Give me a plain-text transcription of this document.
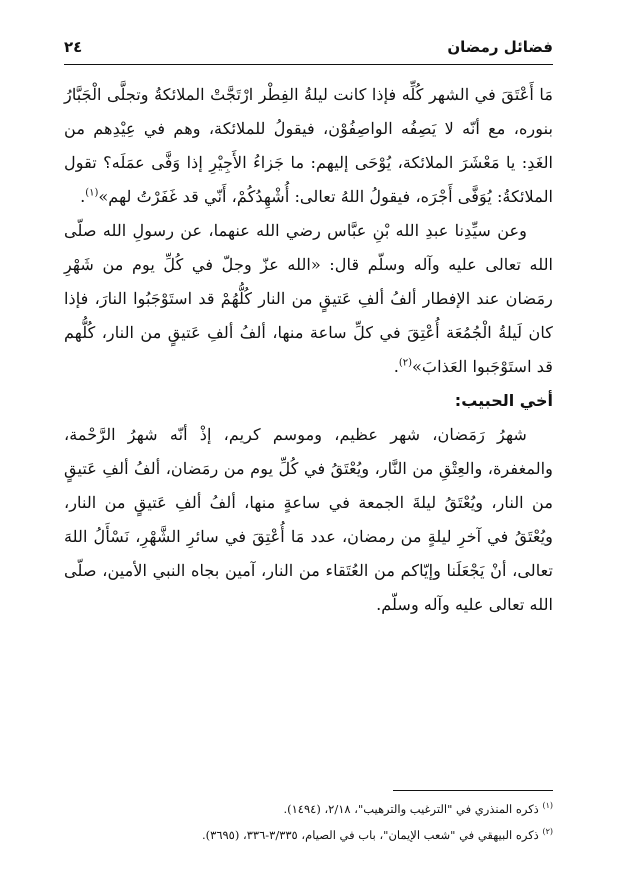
فضائل رمضان
٢٤

مَا أَعْتَقَ في الشهر كُلِّه فإذا كانت ليلةُ الفِطْر ارْتَجَّتْ الملائكةُ وتجلَّى الْجَبَّارُ بنوره، مع أنّه لا يَصِفُه الواصِفُوْن، فيقولُ للملائكة، وهم في عِيْدِهم من الغَدِ: يا مَعْشَرَ الملائكة، يُوْحَى إليهم: ما جَزاءُ الأَجِيْرِ إذا وَفَّى عمَلَه؟ تقول الملائكةُ: يُوَفَّى أَجْرَه، فيقولُ اللهُ تعالى: أُشْهِدُكُمْ، أَنّي قد غَفَرْتُ لهم»$^{(١)}$.

وعن سيِّدِنا عبدِ الله بْنِ عبَّاس رضي الله عنهما، عن رسولِ الله صلّى الله تعالى عليه وآله وسلّم قال: «الله عزّ وجلّ في كُلِّ يوم من شَهْرِ رمَضان عند الإفطار ألفُ ألفِ عَتيقٍ من النار كُلُّهُمْ قد استَوْجَبُوا النارَ، فإذا كان لَيلةُ الْجُمُعَة أُعْتِقَ في كلِّ ساعة منها، ألفُ ألفِ عَتيقٍ من النار، كُلُّهم قد استَوْجَبوا العَذابَ»$^{(٢)}$.

أخي الحبيب:

شهرُ رَمَضان، شهر عظيم، وموسم كريم، إذْ أنّه شهرُ الرَّحْمة، والمغفرة، والعِتْقِ من النَّار، ويُعْتَقُ في كُلِّ يوم من رمَضان، ألفُ ألفِ عَتيقٍ من النار، ويُعْتَقُ ليلةَ الجمعة في ساعةٍ منها، ألفُ ألفِ عَتيقٍ من النار، ويُعْتَقُ في آخرِ ليلةٍ من رمضان، عدد مَا أُعْتِقَ في سائرِ الشَّهْرِ، نَسْأَلُ اللهَ تعالى، أنْ يَجْعَلَنا وإيّاكم من العُتَقاء من النار، آمين بجاه النبي الأمين، صلّى الله تعالى عليه وآله وسلّم.

$^{(١)}$ ذكره المنذري في "الترغيب والترهيب"، ٢/١٨، (١٤٩٤).

$^{(٢)}$ ذكره البيهقي في "شعب الإيمان"، باب في الصيام، ٣/٣٣٥-٣٣٦، (٣٦٩٥).
